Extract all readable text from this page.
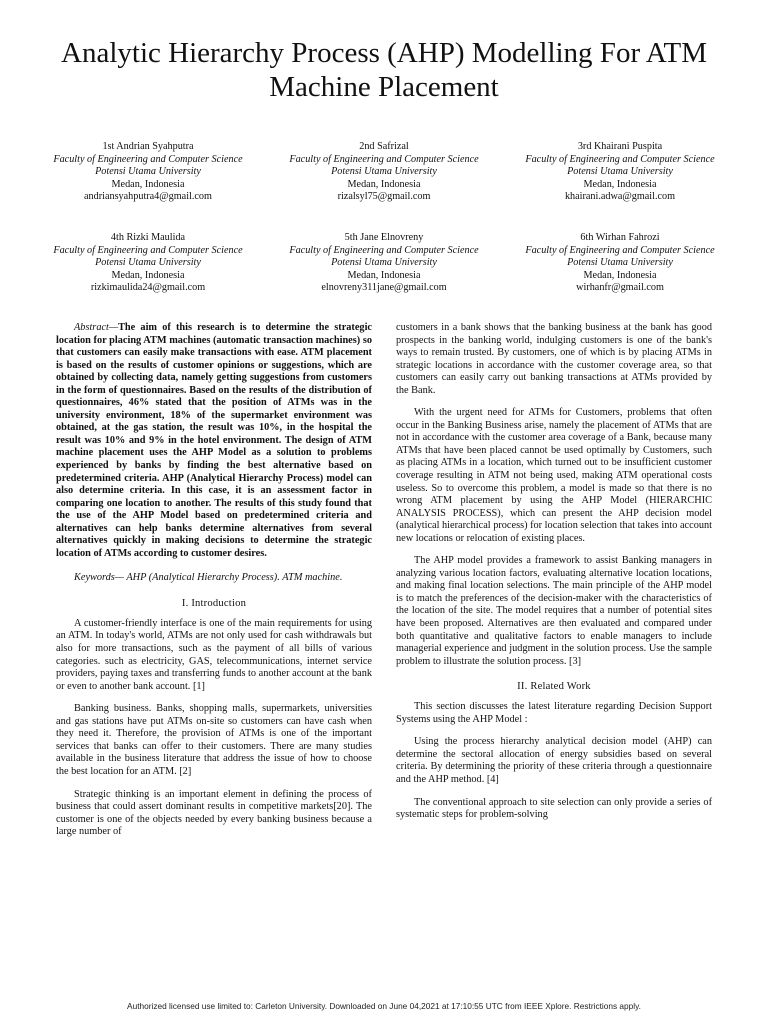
Analytic Hierarchy Process (AHP) Modelling For ATM Machine Placement
1st Andrian Syahputra
Faculty of Engineering and Computer Science
Potensi Utama University
Medan, Indonesia
andriansyahputra4@gmail.com
2nd Safrizal
Faculty of Engineering and Computer Science
Potensi Utama University
Medan, Indonesia
rizalsyl75@gmail.com
3rd Khairani Puspita
Faculty of Engineering and Computer Science
Potensi Utama University
Medan, Indonesia
khairani.adwa@gmail.com
4th Rizki Maulida
Faculty of Engineering and Computer Science
Potensi Utama University
Medan, Indonesia
rizkimaulida24@gmail.com
5th Jane Elnovreny
Faculty of Engineering and Computer Science
Potensi Utama University
Medan, Indonesia
elnovreny311jane@gmail.com
6th Wirhan Fahrozi
Faculty of Engineering and Computer Science
Potensi Utama University
Medan, Indonesia
wirhanfr@gmail.com

Abstract—The aim of this research is to determine the strategic location for placing ATM machines (automatic transaction machines) so that customers can easily make transactions with ease. ATM placement is based on the results of customer opinions or suggestions, which are obtained by collecting data, namely getting suggestions from customers in the form of questionnaires. Based on the results of the distribution of questionnaires, 46% stated that the position of ATMs was in the university environment, 18% of the supermarket environment was obtained, at the gas station, the result was 10%, in the hospital the result was 10% and 9% in the hotel environment. The design of ATM machine placement uses the AHP Model as a solution to problems experienced by banks by finding the best alternative based on predetermined criteria. AHP (Analytical Hierarchy Process) model can also determine criteria. In this case, it is an assessment factor in comparing one location to another. The results of this study found that the use of the AHP Model based on predetermined criteria and alternatives can help banks determine alternatives from several alternatives quickly in making decisions to determine the strategic location of ATMs according to customer desires.

Keywords— AHP (Analytical Hierarchy Process). ATM machine.

I. Introduction

A customer-friendly interface is one of the main requirements for using an ATM. In today's world, ATMs are not only used for cash withdrawals but also for more transactions, such as the payment of all bills of various categories. such as electricity, GAS, telecommunications, internet service providers, paying taxes and transferring funds to another account at the bank or even to another bank account. [1]

Banking business. Banks, shopping malls, supermarkets, universities and gas stations have put ATMs on-site so customers can have cash when they need it. Therefore, the provision of ATMs is one of the important services that banks can offer to their customers. There are many studies available in the business literature that address the issue of how to choose the best location for an ATM. [2]

Strategic thinking is an important element in defining the process of business that could assert dominant results in competitive markets[20]. The customer is one of the objects needed by every banking business because a large number of

customers in a bank shows that the banking business at the bank has good prospects in the banking world, indulging customers is one of the bank's ways to remain trusted. By customers, one of which is by placing ATMs in strategic locations in accordance with the customer coverage area, so that customers can easily carry out banking transactions at ATMs provided by the Bank.

With the urgent need for ATMs for Customers, problems that often occur in the Banking Business arise, namely the placement of ATMs that are not in accordance with the customer area coverage of a Bank, because many ATMs that have been placed cannot be used optimally by Customers, such as placing ATMs in a location, which turned out to be insufficient customer coverage resulting in ATM not being used, making ATM operational costs useless. So to overcome this problem, a model is made so that there is no wrong ATM placement by using the AHP Model (HIERARCHIC ANALYSIS PROCESS), which can present the AHP decision model (analytical hierarchical process) for location selection that takes into account new locations or relocation of existing places.

The AHP model provides a framework to assist Banking managers in analyzing various location factors, evaluating alternative location locations, and making final location selections. The main principle of the AHP model is to match the preferences of the decision-maker with the characteristics of the location of the site. The model requires that a number of potential sites have been proposed. Alternatives are then evaluated and compared under both quantitative and qualitative factors to enable managers to include managerial experience and judgment in the solution process. Use the sample problem to illustrate the solution process. [3]

II. Related Work

This section discusses the latest literature regarding Decision Support Systems using the AHP Model :

Using the process hierarchy analytical decision model (AHP) can determine the sectoral allocation of energy subsidies based on several criteria. By determining the priority of these criteria through a questionnaire and the AHP method. [4]

The conventional approach to site selection can only provide a series of systematic steps for problem-solving

Authorized licensed use limited to: Carleton University. Downloaded on June 04,2021 at 17:10:55 UTC from IEEE Xplore. Restrictions apply.
